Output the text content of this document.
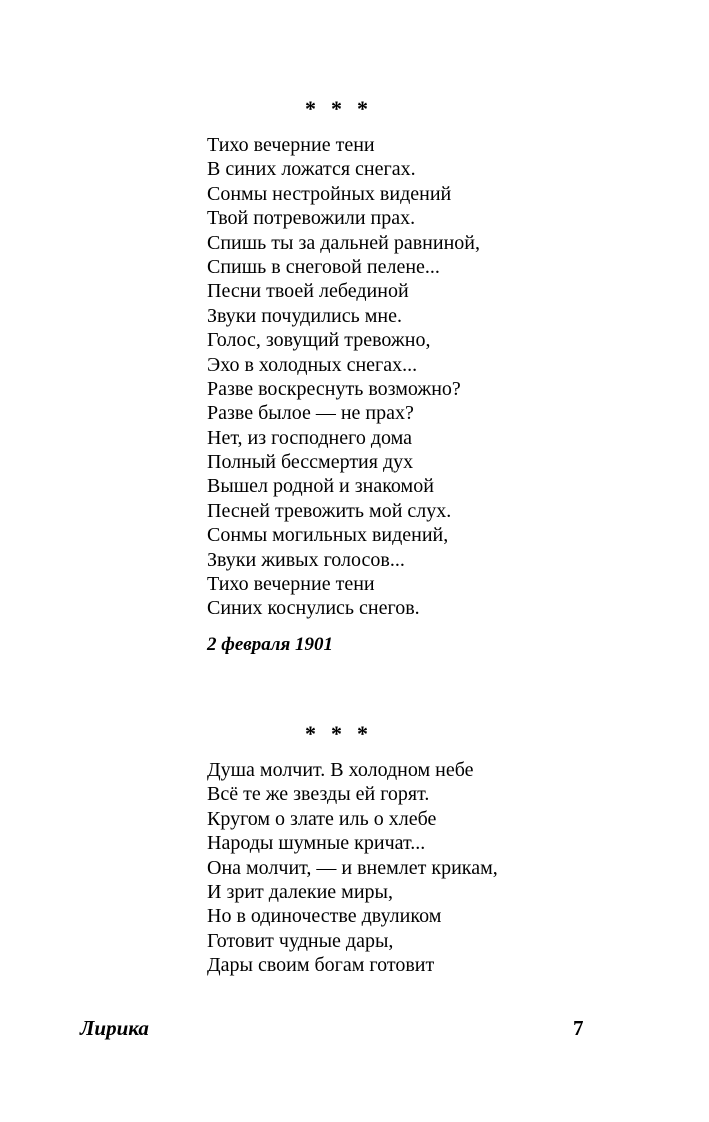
* * *
Тихо вечерние тени
В синих ложатся снегах.
Сонмы нестройных видений
Твой потревожили прах.
Спишь ты за дальней равниной,
Спишь в снеговой пелене...
Песни твоей лебединой
Звуки почудились мне.
Голос, зовущий тревожно,
Эхо в холодных снегах...
Разве воскреснуть возможно?
Разве былое — не прах?
Нет, из господнего дома
Полный бессмертия дух
Вышел родной и знакомой
Песней тревожить мой слух.
Сонмы могильных видений,
Звуки живых голосов...
Тихо вечерние тени
Синих коснулись снегов.
2 февраля 1901
* * *
Душа молчит. В холодном небе
Всё те же звезды ей горят.
Кругом о злате иль о хлебе
Народы шумные кричат...
Она молчит, — и внемлет крикам,
И зрит далекие миры,
Но в одиночестве двуликом
Готовит чудные дары,
Дары своим богам готовит
Лирика	7
